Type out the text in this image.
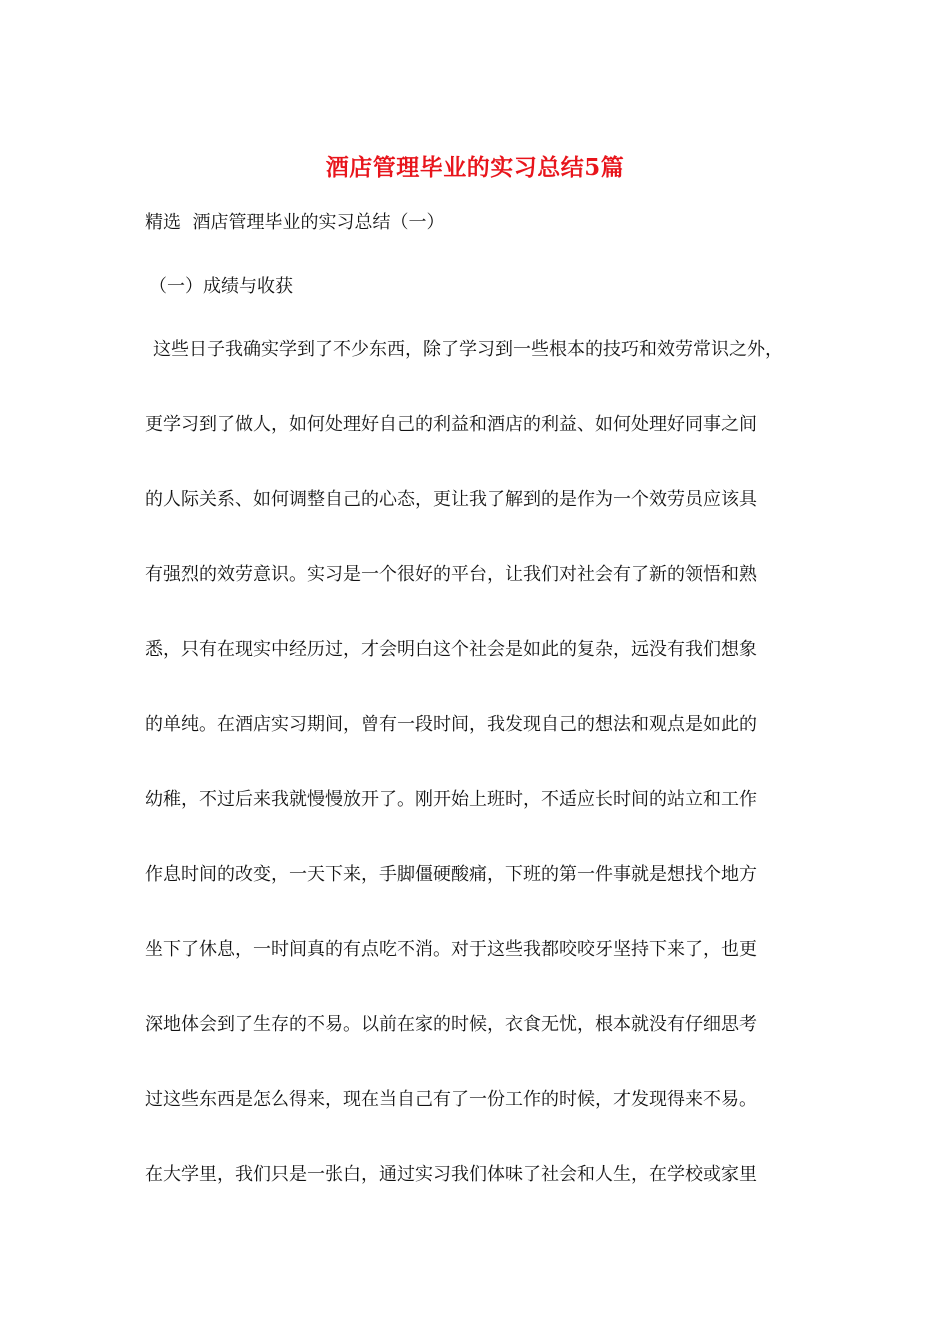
酒店管理毕业的实习总结5篇
精选  酒店管理毕业的实习总结（一）
（一）成绩与收获
这些日子我确实学到了不少东西，除了学习到一些根本的技巧和效劳常识之外，
更学习到了做人，如何处理好自己的利益和酒店的利益、如何处理好同事之间
的人际关系、如何调整自己的心态，更让我了解到的是作为一个效劳员应该具
有强烈的效劳意识。实习是一个很好的平台，让我们对社会有了新的领悟和熟
悉，只有在现实中经历过，才会明白这个社会是如此的复杂，远没有我们想象
的单纯。在酒店实习期间，曾有一段时间，我发现自己的想法和观点是如此的
幼稚，不过后来我就慢慢放开了。刚开始上班时，不适应长时间的站立和工作
作息时间的改变，一天下来，手脚僵硬酸痛，下班的第一件事就是想找个地方
坐下了休息，一时间真的有点吃不消。对于这些我都咬咬牙坚持下来了，也更
深地体会到了生存的不易。以前在家的时候，衣食无忧，根本就没有仔细思考
过这些东西是怎么得来，现在当自己有了一份工作的时候，才发现得来不易。
在大学里，我们只是一张白，通过实习我们体味了社会和人生，在学校或家里
